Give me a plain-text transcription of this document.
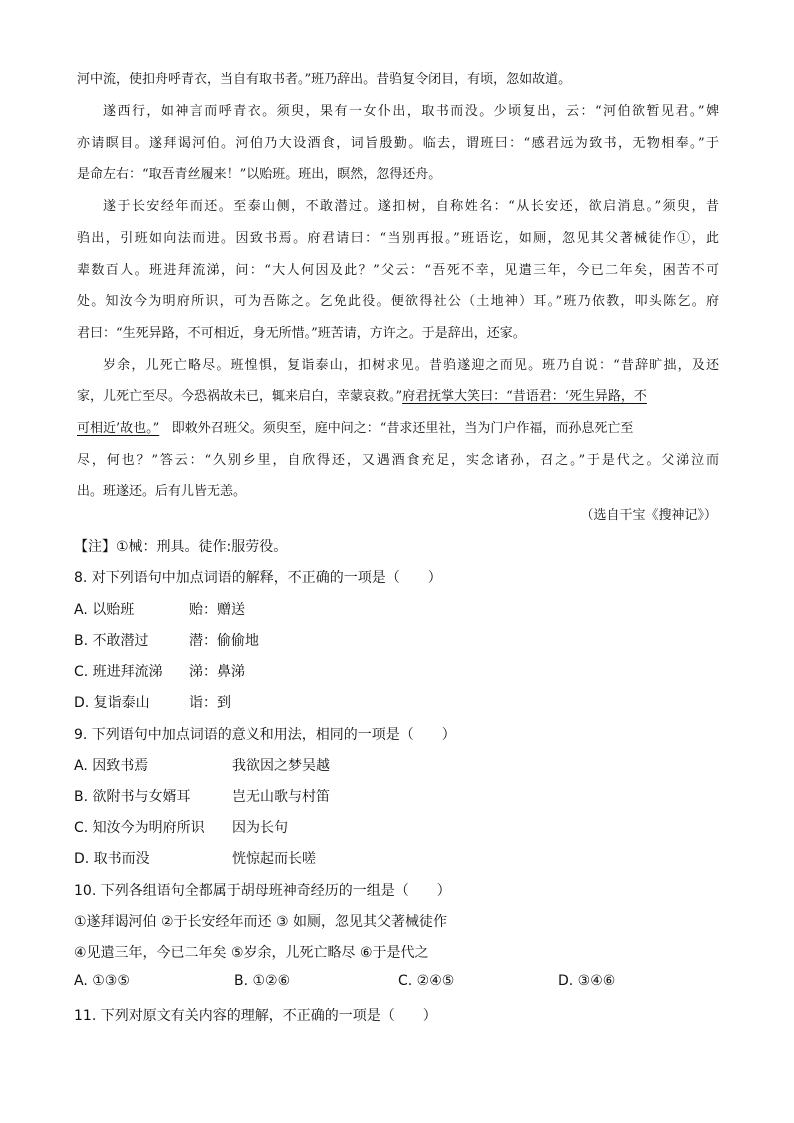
河中流，使扣舟呼青衣，当自有取书者。”班乃辞出。昔驺复令闭目，有顷，忽如故道。
遂西行，如神言而呼青衣。须臾，果有一女仆出，取书而没。少顷复出，云：“河伯欲暂见君。”婢
亦请瞑目。遂拜谒河伯。河伯乃大设酒食，词旨殷勤。临去，谓班曰：“感君远为致书，无物相奉。”于
是命左右：“取吾青丝履来！”以贻班。班出，瞑然，忽得还舟。
遂于长安经年而还。至泰山侧，不敢潜过。遂扣树，自称姓名：“从长安还，欲启消息。”须臾，昔
驺出，引班如向法而进。因致书焉。府君请曰：“当别再报。”班语讫，如厕，忽见其父著械徒作①，此
辈数百人。班进拜流涕，问：“大人何因及此？”父云：“吾死不幸，见遣三年，今已二年矣，困苦不可
处。知汝今为明府所识，可为吾陈之。乞免此役。便欲得社公（土地神）耳。”班乃依教，叩头陈乞。府
君曰：“生死异路，不可相近，身无所惜。”班苦请，方许之。于是辞出，还家。
岁余，儿死亡略尽。班惶惧，复诣泰山，扣树求见。昔驺遂迎之而见。班乃自说：“昔辞旷拙，及还
家，儿死亡至尽。今恐祸故未已，辄来启白，幸蒙哀救。”府君抚掌大笑曰：“昔语君：‘死生异路，不
可相近’故也。” 即敕外召班父。须臾至，庭中问之：“昔求还里社，当为门户作福，而孙息死亡至
尽，何也？”答云：“久别乡里，自欣得还，又遇酒食充足，实念诸孙，召之。”于是代之。父涕泣而
出。班遂还。后有儿皆无恙。
（选自干宝《搜神记》）
【注】①械：刑具。徒作:服劳役。
8. 对下列语句中加点词语的解释，不正确的一项是（　　）
A. 以贻班	贻：赠送
B. 不敢潜过	潜：偷偷地
C. 班进拜流涕 涕：鼻涕
D. 复诣泰山	诣：到
9. 下列语句中加点词语的意义和用法，相同的一项是（　　）
A. 因致书焉	我欲因之梦吴越
B. 欲附书与女婿耳	岂无山歌与村笛
C. 知汝今为明府所识 因为长句
D. 取书而没	恍惊起而长嗟
10. 下列各组语句全都属于胡母班神奇经历的一组是（　　）
①遂拜谒河伯 ②于长安经年而还 ③ 如厕，忽见其父著械徒作
④见遣三年，今已二年矣 ⑤岁余，儿死亡略尽 ⑥于是代之
A. ①③⑤	B. ①②⑥	C. ②④⑤	D. ③④⑥
11. 下列对原文有关内容的理解，不正确的一项是（　　）
